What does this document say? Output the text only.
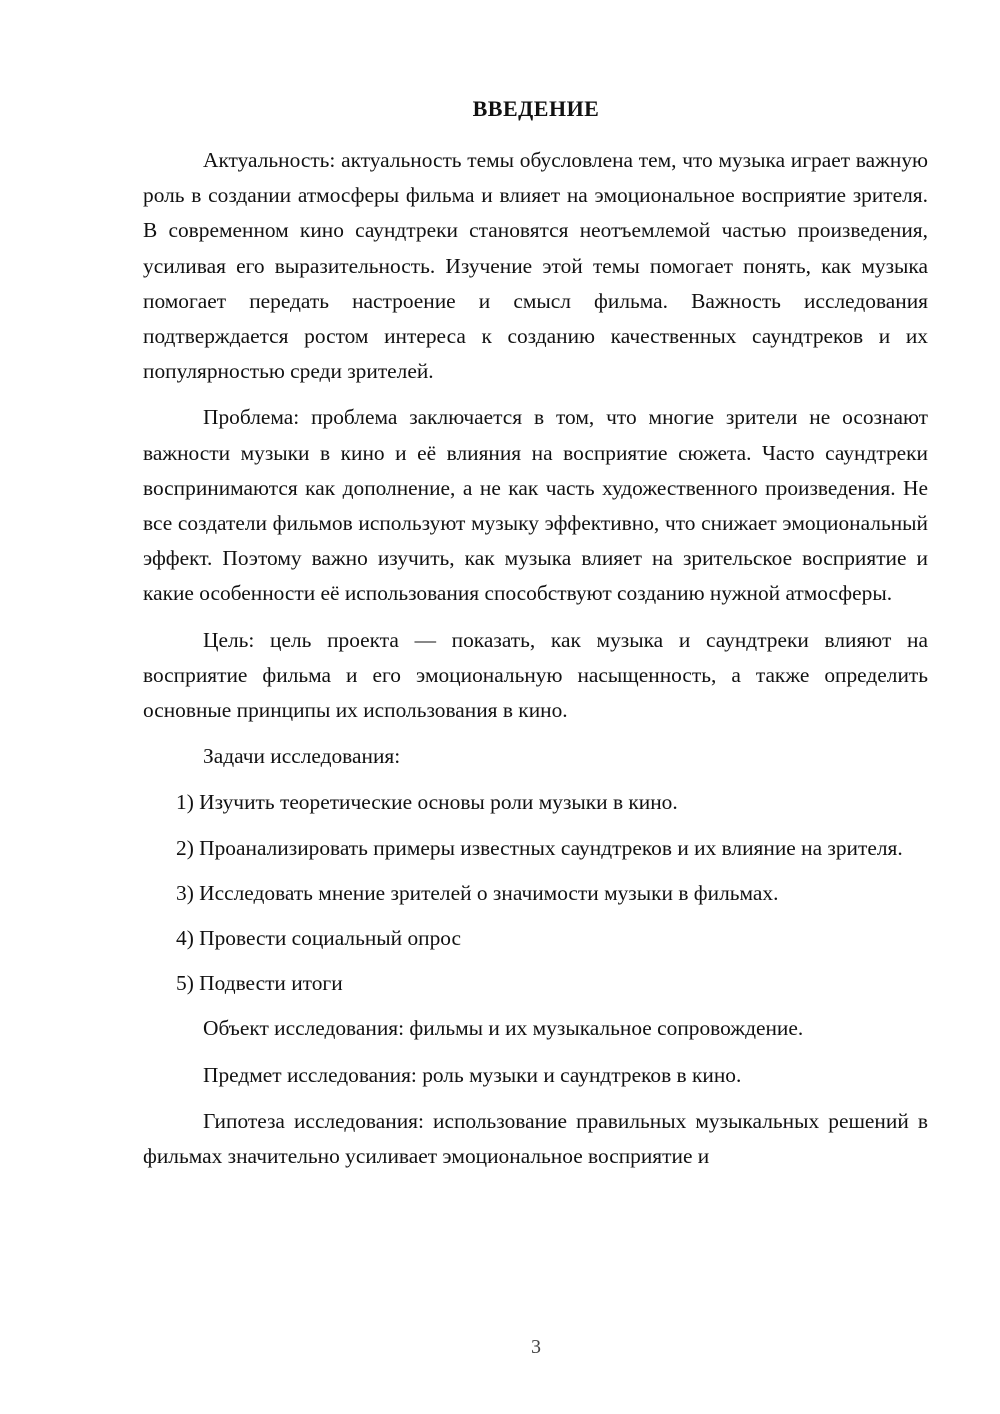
ВВЕДЕНИЕ

Актуальность: актуальность темы обусловлена тем, что музыка играет важную роль в создании атмосферы фильма и влияет на эмоциональное восприятие зрителя. В современном кино саундтреки становятся неотъемлемой частью произведения, усиливая его выразительность. Изучение этой темы помогает понять, как музыка помогает передать настроение и смысл фильма. Важность исследования подтверждается ростом интереса к созданию качественных саундтреков и их популярностью среди зрителей.

Проблема: проблема заключается в том, что многие зрители не осознают важности музыки в кино и её влияния на восприятие сюжета. Часто саундтреки воспринимаются как дополнение, а не как часть художественного произведения. Не все создатели фильмов используют музыку эффективно, что снижает эмоциональный эффект. Поэтому важно изучить, как музыка влияет на зрительское восприятие и какие особенности её использования способствуют созданию нужной атмосферы.

Цель: цель проекта — показать, как музыка и саундтреки влияют на восприятие фильма и его эмоциональную насыщенность, а также определить основные принципы их использования в кино.

Задачи исследования:

1) Изучить теоретические основы роли музыки в кино.

2) Проанализировать примеры известных саундтреков и их влияние на зрителя.

3) Исследовать мнение зрителей о значимости музыки в фильмах.

4) Провести социальный опрос

5) Подвести итоги

Объект исследования: фильмы и их музыкальное сопровождение.

Предмет исследования: роль музыки и саундтреков в кино.

Гипотеза исследования: использование правильных музыкальных решений в фильмах значительно усиливает эмоциональное восприятие и

3
